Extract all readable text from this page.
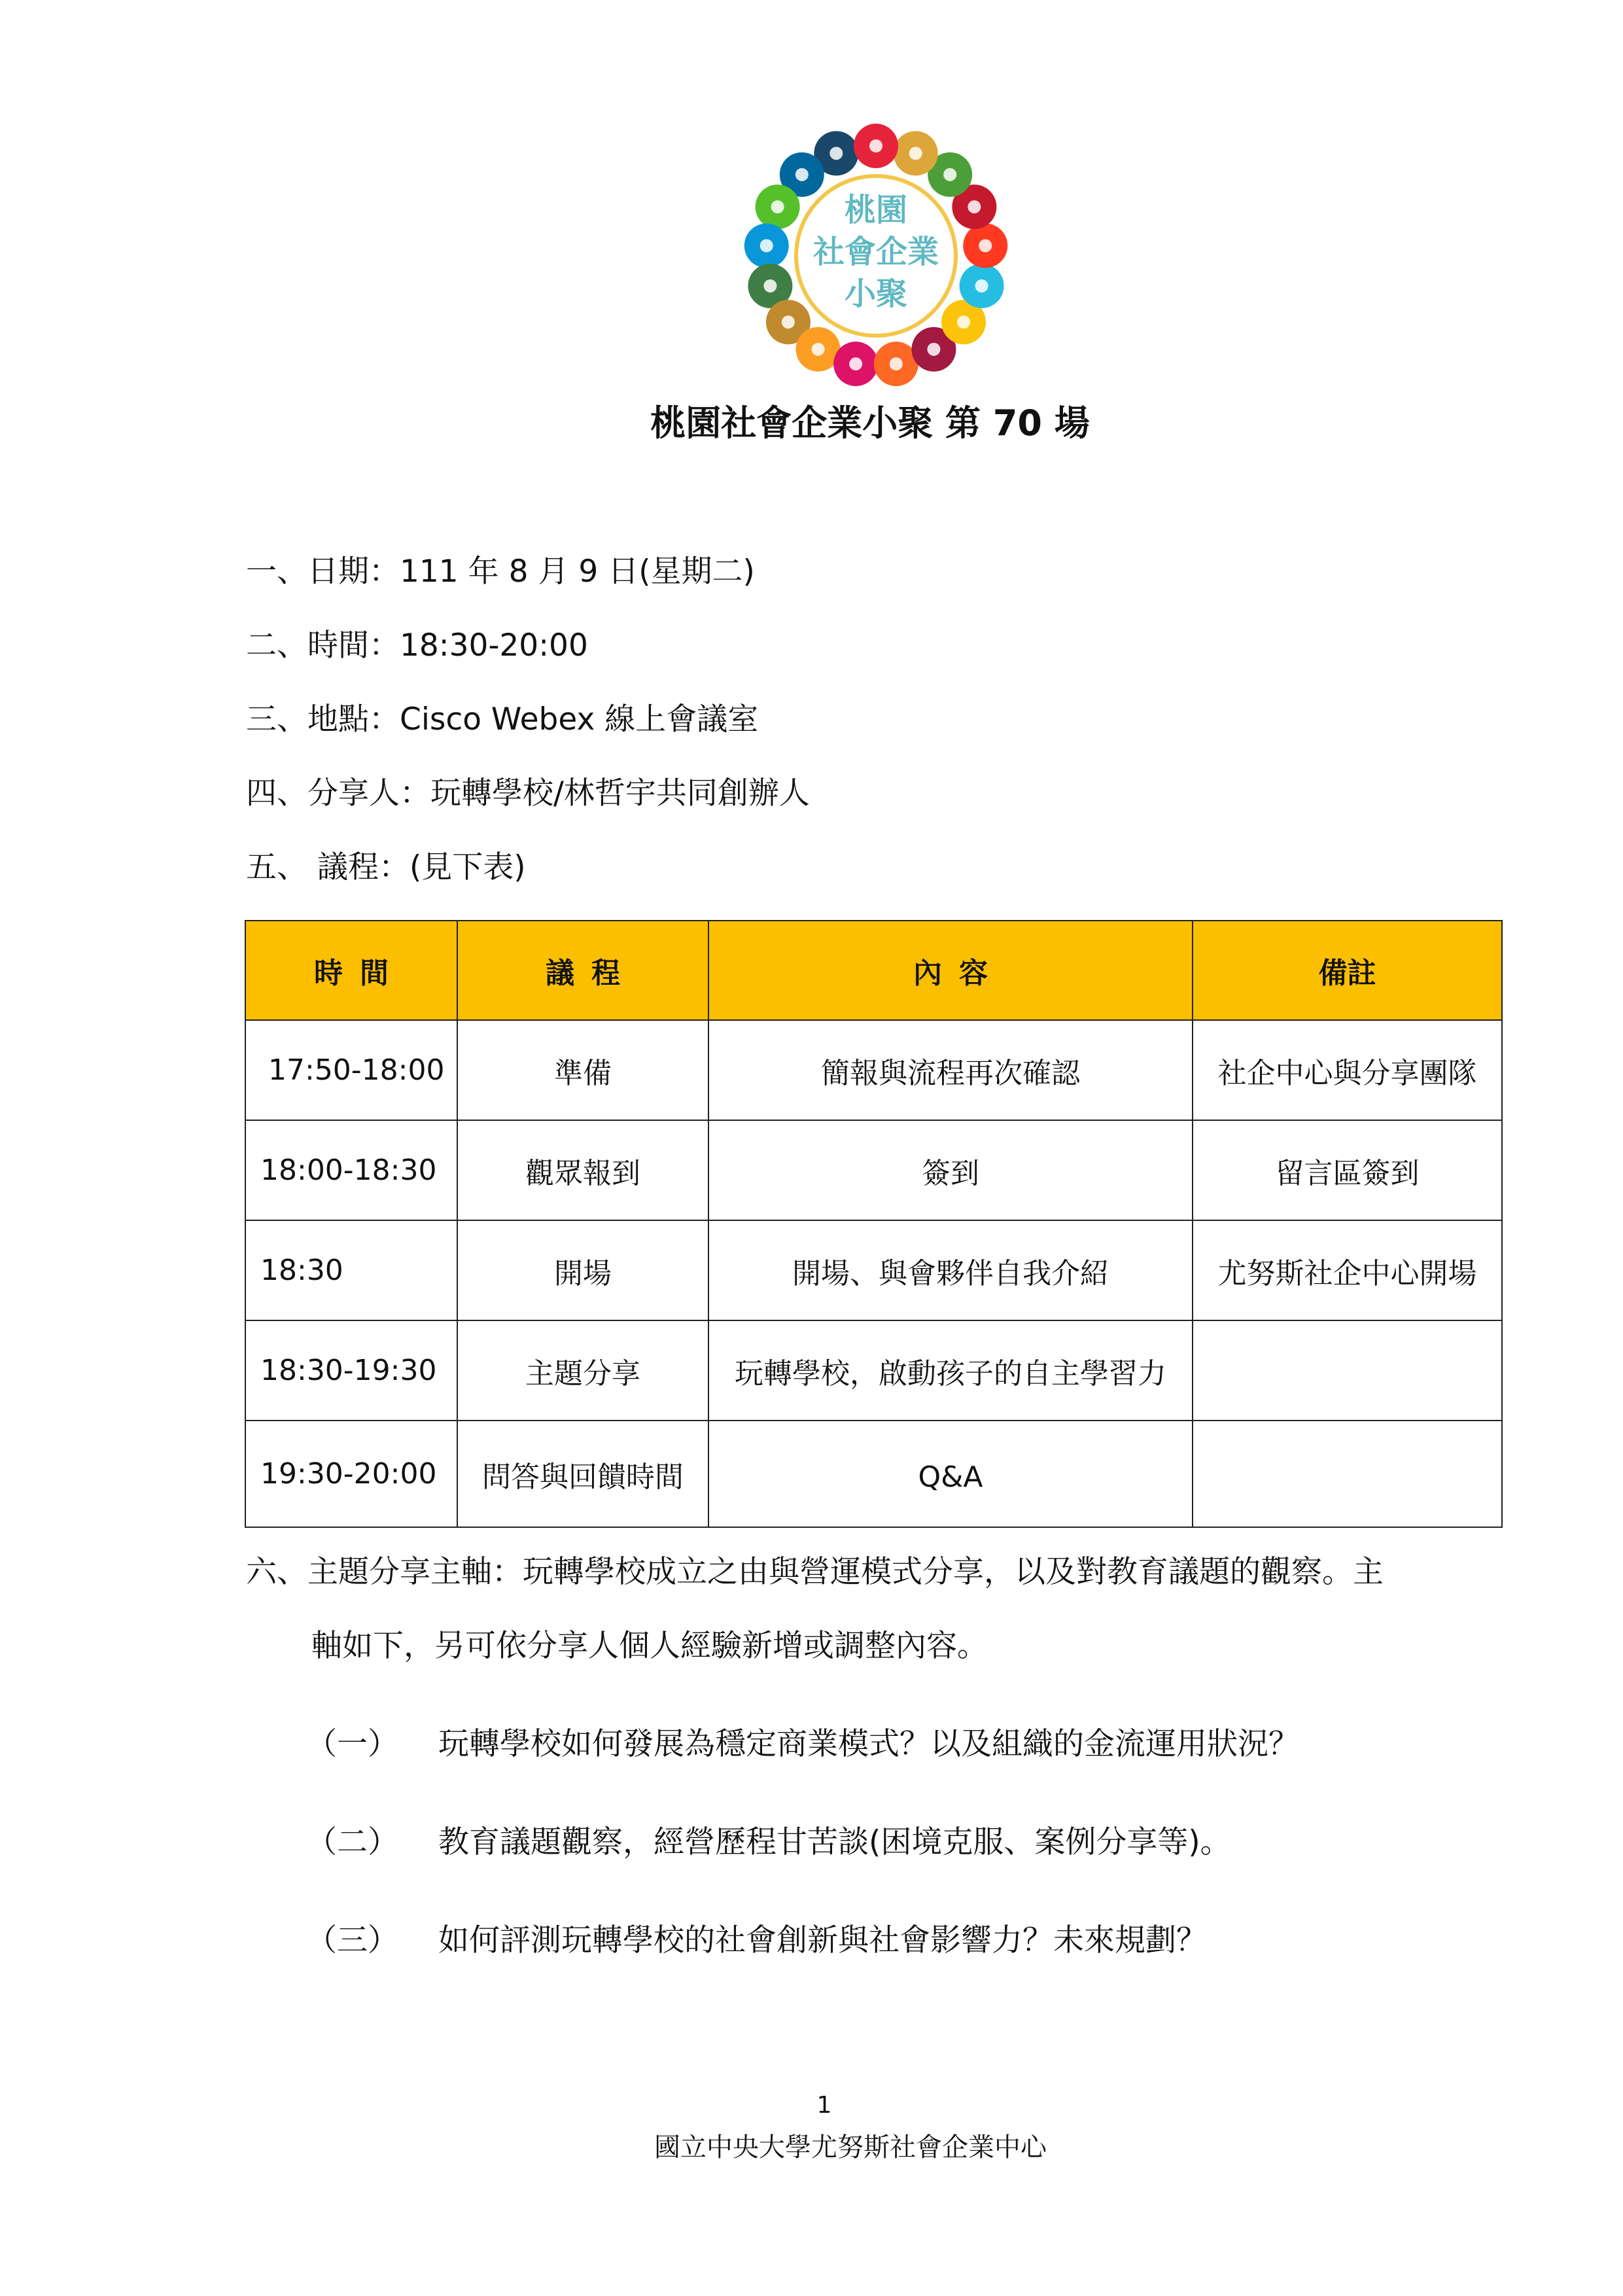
桃園
社會企業
小聚
桃園社會企業小聚 第 70 場
一、日期：111 年 8 月 9 日(星期二)
二、時間：18:30-20:00
三、地點：Cisco Webex 線上會議室
四、分享人：玩轉學校/林哲宇共同創辦人
五、 議程：(見下表)
時間	議程	內容	備註
17:50-18:00	準備	簡報與流程再次確認	社企中心與分享團隊
18:00-18:30	觀眾報到	簽到	留言區簽到
18:30	開場	開場、與會夥伴自我介紹	尤努斯社企中心開場
18:30-19:30	主題分享	玩轉學校，啟動孩子的自主學習力	
19:30-20:00	問答與回饋時間	Q&A	
六、主題分享主軸：玩轉學校成立之由與營運模式分享，以及對教育議題的觀察。主
軸如下，另可依分享人個人經驗新增或調整內容。
（一） 玩轉學校如何發展為穩定商業模式？以及組織的金流運用狀況？
（二） 教育議題觀察，經營歷程甘苦談(困境克服、案例分享等)。
（三） 如何評測玩轉學校的社會創新與社會影響力？未來規劃？
1
國立中央大學尤努斯社會企業中心
